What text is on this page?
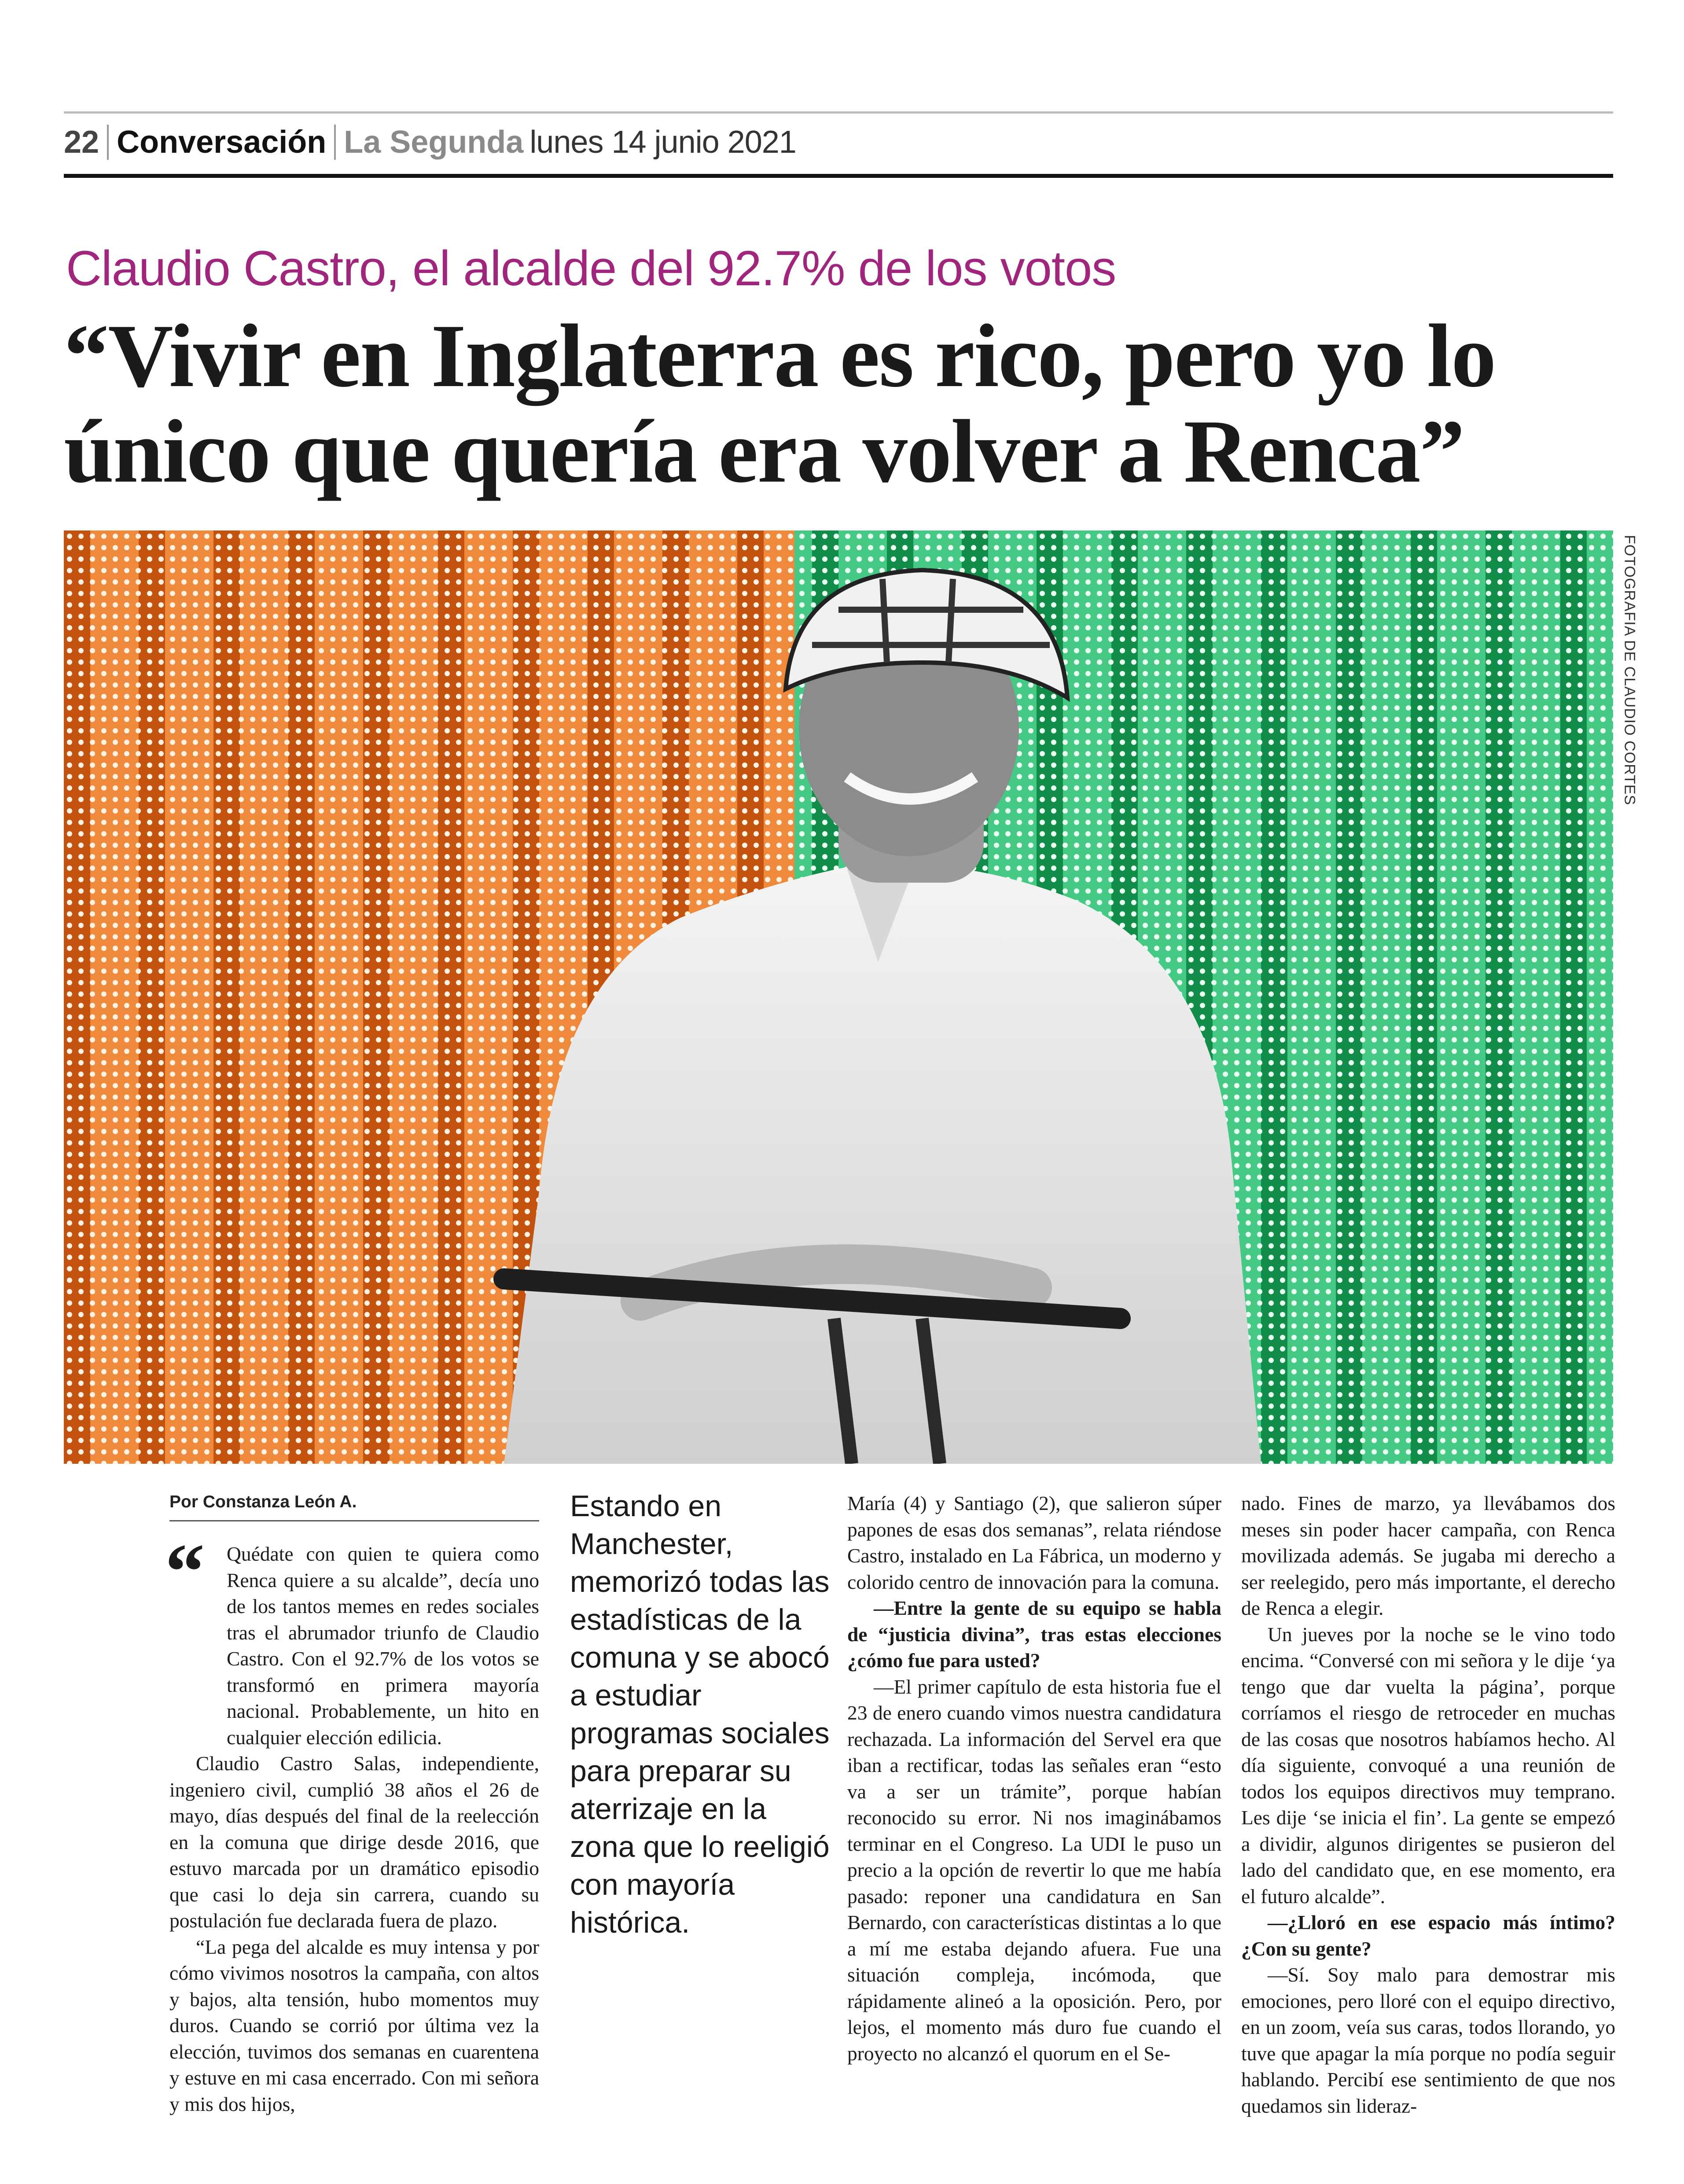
22 Conversación La Segunda lunes 14 junio 2021
Claudio Castro, el alcalde del 92.7% de los votos
“Vivir en Inglaterra es rico, pero yo lo
único que quería era volver a Renca”
FOTOGRAFIA DE CLAUDIO CORTES
Por Constanza León A.
“	Quédate con quien te quiera como Renca quiere a su alcalde”, decía uno de los tantos memes en redes sociales tras el abrumador triunfo de Claudio Castro. Con el 92.7% de los votos se transformó en primera mayoría nacional. Probablemente, un hito en cualquier elección edilicia.

Claudio Castro Salas, independiente, ingeniero civil, cumplió 38 años el 26 de mayo, días después del final de la reelección en la comuna que dirige desde 2016, que estuvo marcada por un dramático episodio que casi lo deja sin carrera, cuando su postulación fue declarada fuera de plazo.

“La pega del alcalde es muy intensa y por cómo vivimos nosotros la campaña, con altos y bajos, alta tensión, hubo momentos muy duros. Cuando se corrió por última vez la elección, tuvimos dos semanas en cuarentena y estuve en mi casa encerrado. Con mi señora y mis dos hijos,

Estando en Manchester, memorizó todas las estadísticas de la comuna y se abocó a estudiar programas sociales para preparar su aterrizaje en la zona que lo reeligió con mayoría histórica.

María (4) y Santiago (2), que salieron súper papones de esas dos semanas”, relata riéndose Castro, instalado en La Fábrica, un moderno y colorido centro de innovación para la comuna.

—Entre la gente de su equipo se habla de “justicia divina”, tras estas elecciones ¿cómo fue para usted?

—El primer capítulo de esta historia fue el 23 de enero cuando vimos nuestra candidatura rechazada. La información del Servel era que iban a rectificar, todas las señales eran “esto va a ser un trámite”, porque habían reconocido su error. Ni nos imaginábamos terminar en el Congreso. La UDI le puso un precio a la opción de revertir lo que me había pasado: reponer una candidatura en San Bernardo, con características distintas a lo que a mí me estaba dejando afuera. Fue una situación compleja, incómoda, que rápidamente alineó a la oposición. Pero, por lejos, el momento más duro fue cuando el proyecto no alcanzó el quorum en el Se-

nado. Fines de marzo, ya llevábamos dos meses sin poder hacer campaña, con Renca movilizada además. Se jugaba mi derecho a ser reelegido, pero más importante, el derecho de Renca a elegir.

Un jueves por la noche se le vino todo encima. “Conversé con mi señora y le dije ‘ya tengo que dar vuelta la página’, porque corríamos el riesgo de retroceder en muchas de las cosas que nosotros habíamos hecho. Al día siguiente, convoqué a una reunión de todos los equipos directivos muy temprano. Les dije ‘se inicia el fin’. La gente se empezó a dividir, algunos dirigentes se pusieron del lado del candidato que, en ese momento, era el futuro alcalde”.

—¿Lloró en ese espacio más íntimo? ¿Con su gente?

—Sí. Soy malo para demostrar mis emociones, pero lloré con el equipo directivo, en un zoom, veía sus caras, todos llorando, yo tuve que apagar la mía porque no podía seguir hablando. Percibí ese sentimiento de que nos quedamos sin lideraz-
